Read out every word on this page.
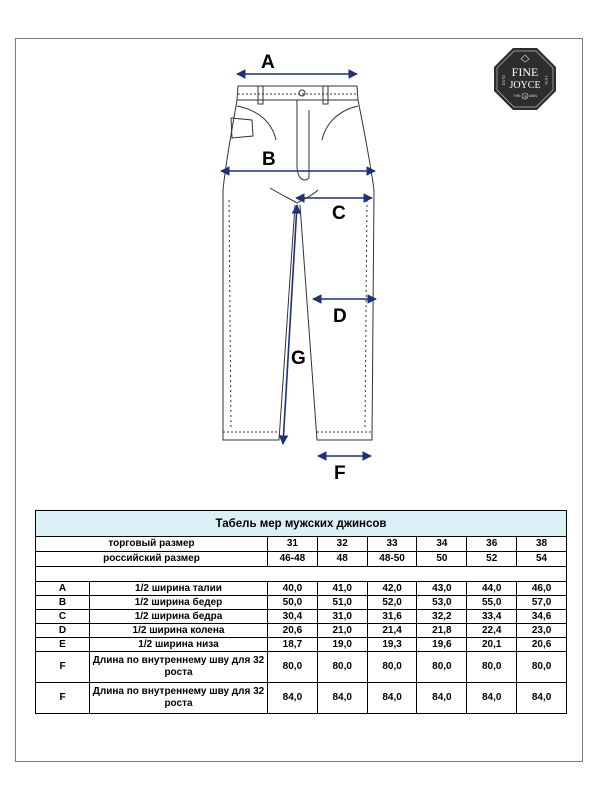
A
B
C
D
G
F
FINE
JOYCE
ESTD	1978
THE MAN
JB
Табель мер мужских джинсов							
торговый размер		31	32	33	34	36	38
российский размер		46-48	48	48-50	50	52	54

A	1/2 ширина талии	40,0	41,0	42,0	43,0	44,0	46,0
B	1/2 ширина бедер	50,0	51,0	52,0	53,0	55,0	57,0
C	1/2 ширина бедра	30,4	31,0	31,6	32,2	33,4	34,6
D	1/2 ширина колена	20,6	21,0	21,4	21,8	22,4	23,0
E	1/2 ширина низа	18,7	19,0	19,3	19,6	20,1	20,6
F	Длина по внутреннему шву для 32 роста	80,0	80,0	80,0	80,0	80,0	80,0
F	Длина по внутреннему шву для 32 роста	84,0	84,0	84,0	84,0	84,0	84,0
